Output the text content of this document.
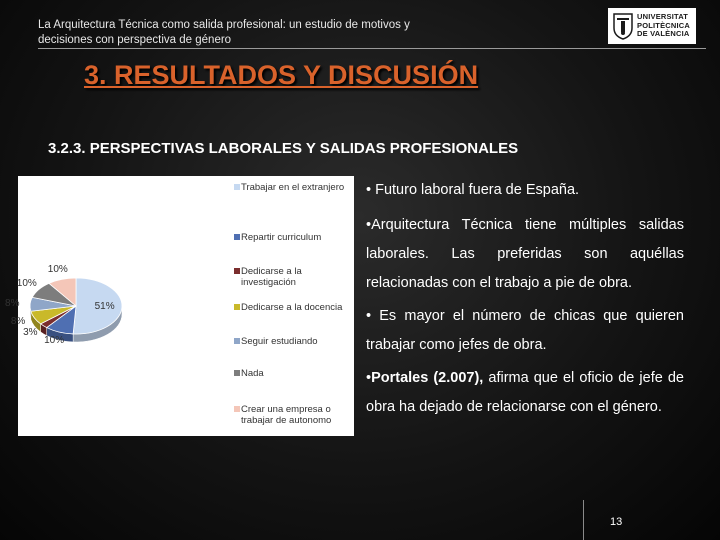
La Arquitectura Técnica como salida profesional: un estudio de motivos y decisiones con perspectiva de género
UNIVERSITAT
POLITÈCNICA
DE VALÈNCIA
3. RESULTADOS Y DISCUSIÓN
3.2.3. PERSPECTIVAS LABORALES Y SALIDAS PROFESIONALES
Trabajar en el extranjero
Repartir curriculum
Dedicarse a la investigación
Dedicarse a la docencia
Seguir estudiando
Nada
Crear una empresa o trabajar de autonomo
51%
10%
3%
8%
8%
10%
10%
• Futuro laboral fuera de España.
•Arquitectura Técnica tiene múltiples salidas laborales. Las preferidas son aquéllas relacionadas con el trabajo a pie de obra.
• Es mayor el número de chicas que quieren trabajar como jefes de obra.
•Portales (2.007), afirma que el oficio de jefe de obra ha dejado de relacionarse con el género.
13
